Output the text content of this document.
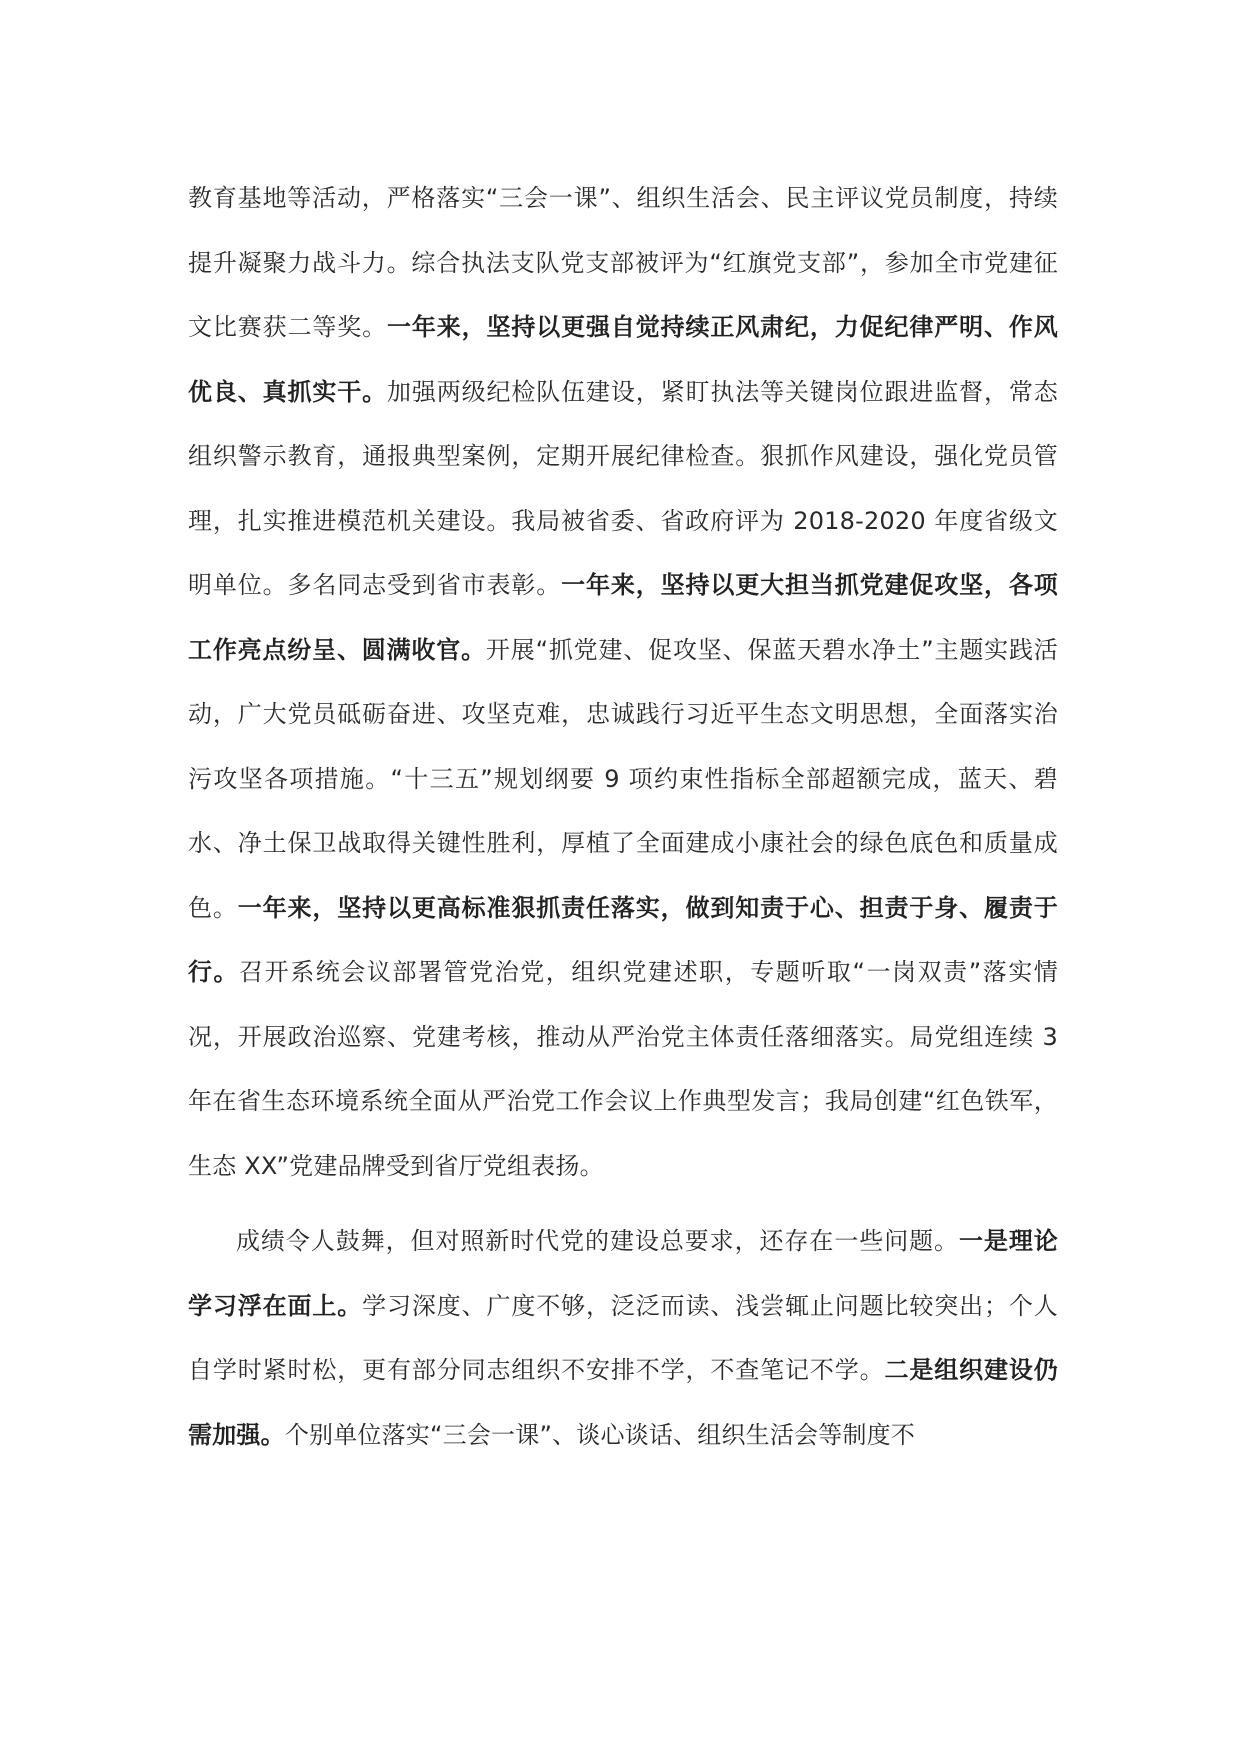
教育基地等活动，严格落实“三会一课”、组织生活会、民主评议党员制度，持续提升凝聚力战斗力。综合执法支队党支部被评为“红旗党支部”，参加全市党建征文比赛获二等奖。一年来，坚持以更强自觉持续正风肃纪，力促纪律严明、作风优良、真抓实干。加强两级纪检队伍建设，紧盯执法等关键岗位跟进监督，常态组织警示教育，通报典型案例，定期开展纪律检查。狠抓作风建设，强化党员管理，扎实推进模范机关建设。我局被省委、省政府评为 2018-2020 年度省级文明单位。多名同志受到省市表彰。一年来，坚持以更大担当抓党建促攻坚，各项工作亮点纷呈、圆满收官。开展“抓党建、促攻坚、保蓝天碧水净土”主题实践活动，广大党员砥砺奋进、攻坚克难，忠诚践行习近平生态文明思想，全面落实治污攻坚各项措施。“十三五”规划纲要 9 项约束性指标全部超额完成，蓝天、碧水、净土保卫战取得关键性胜利，厚植了全面建成小康社会的绿色底色和质量成色。一年来，坚持以更高标准狠抓责任落实，做到知责于心、担责于身、履责于行。召开系统会议部署管党治党，组织党建述职，专题听取“一岗双责”落实情况，开展政治巡察、党建考核，推动从严治党主体责任落细落实。局党组连续 3 年在省生态环境系统全面从严治党工作会议上作典型发言；我局创建“红色铁军，生态 XX”党建品牌受到省厅党组表扬。

成绩令人鼓舞，但对照新时代党的建设总要求，还存在一些问题。一是理论学习浮在面上。学习深度、广度不够，泛泛而读、浅尝辄止问题比较突出；个人自学时紧时松，更有部分同志组织不安排不学，不查笔记不学。二是组织建设仍需加强。个别单位落实“三会一课”、谈心谈话、组织生活会等制度不
